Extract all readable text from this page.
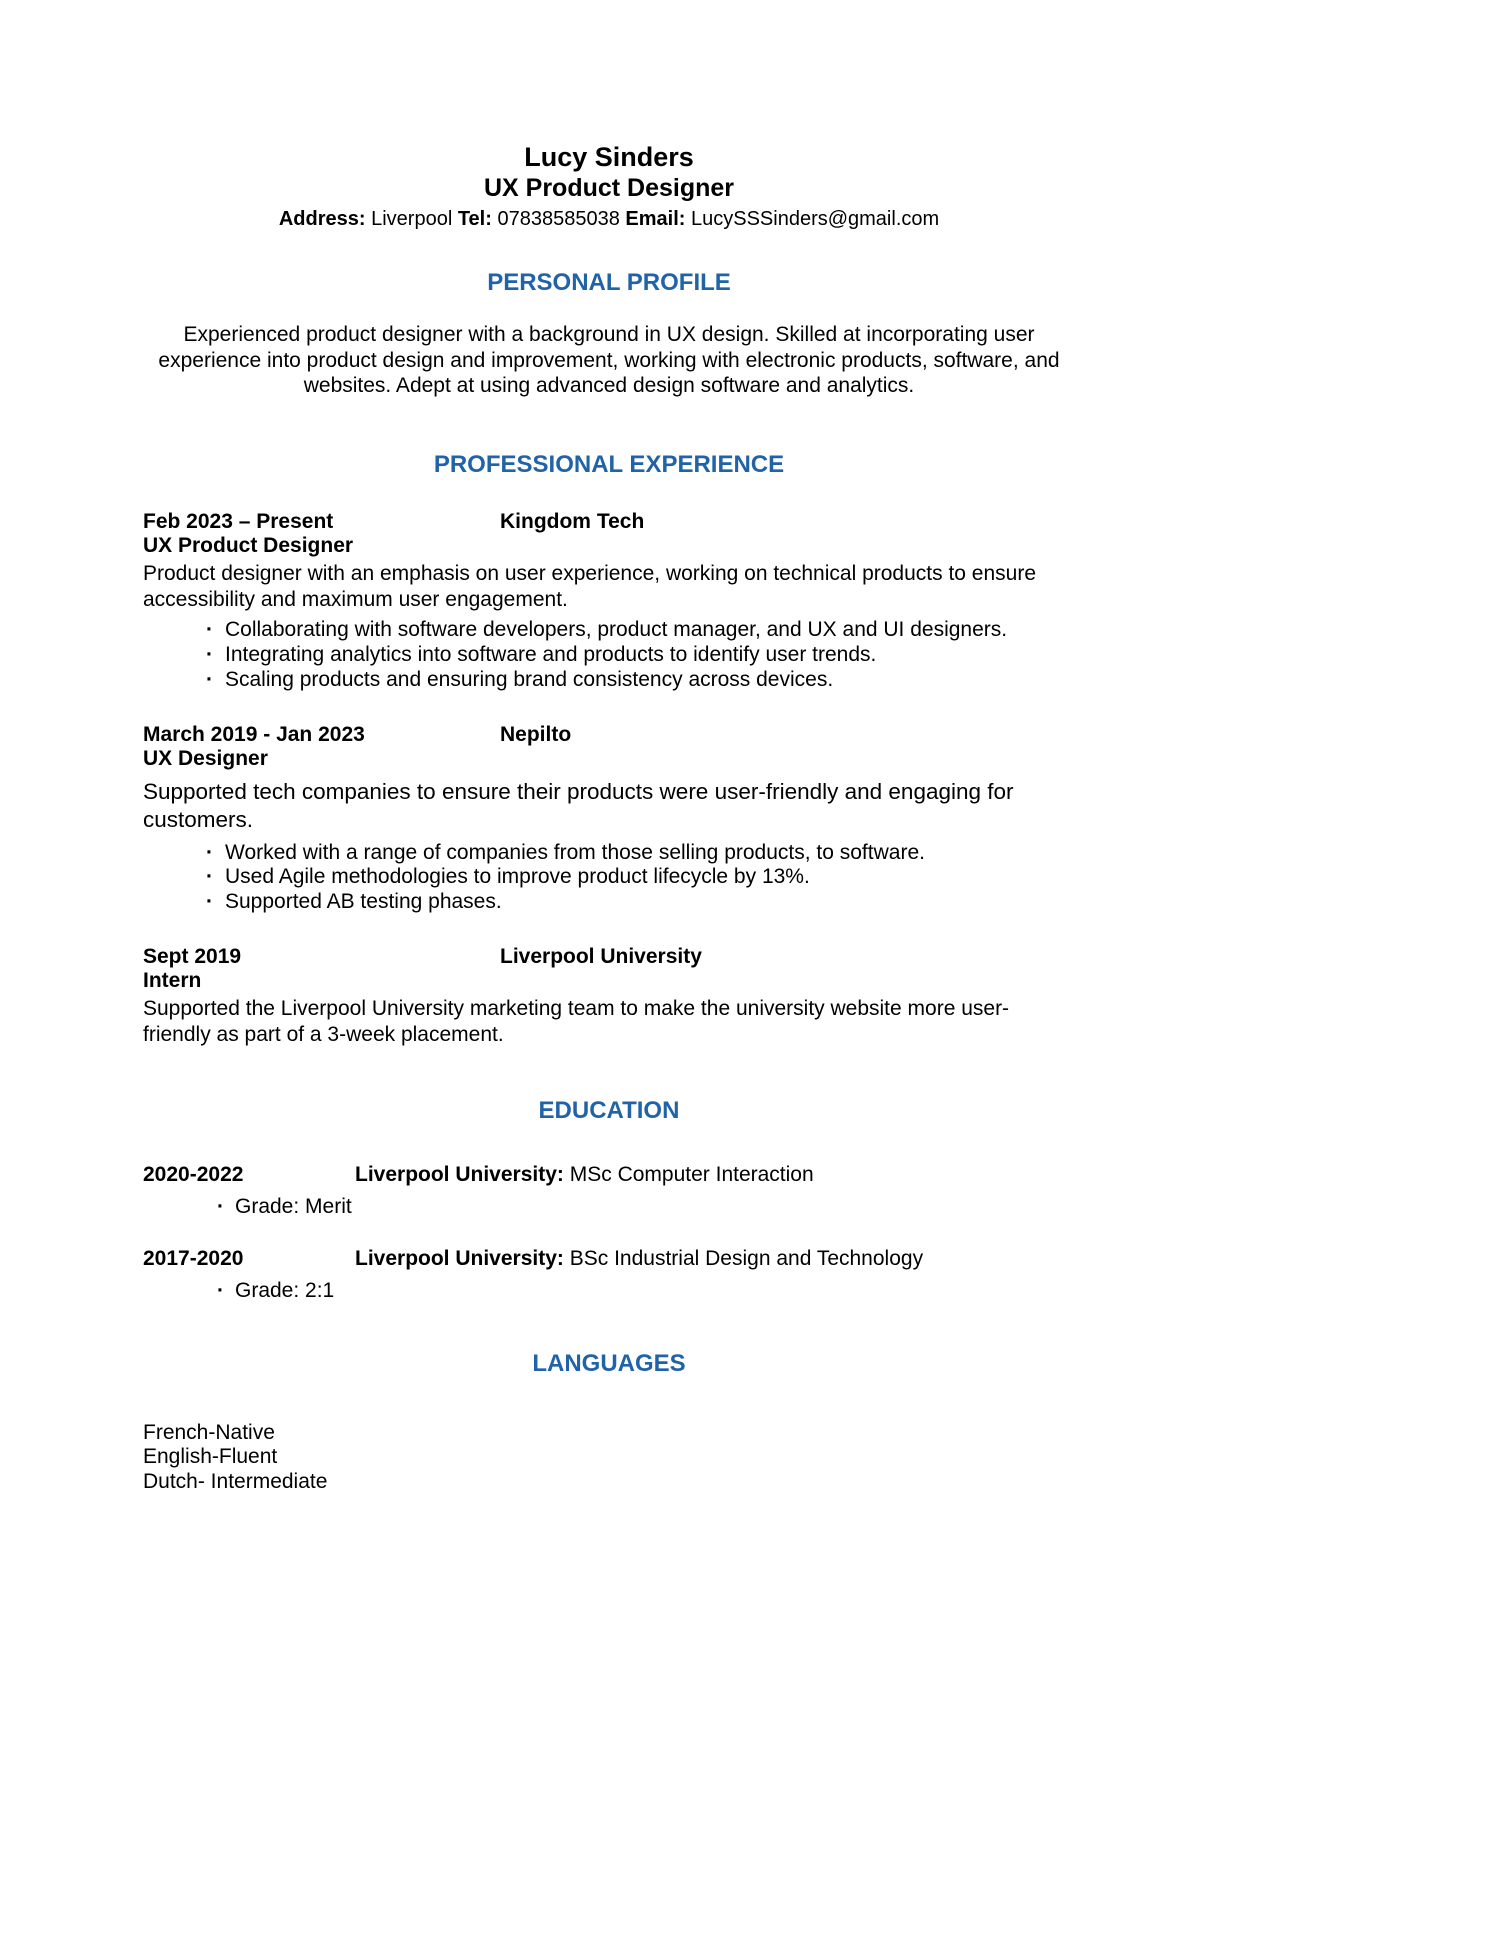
Lucy Sinders
UX Product Designer
Address: Liverpool Tel: 07838585038 Email: LucySSSinders@gmail.com
PERSONAL PROFILE
Experienced product designer with a background in UX design. Skilled at incorporating user experience into product design and improvement, working with electronic products, software, and websites. Adept at using advanced design software and analytics.
PROFESSIONAL EXPERIENCE
Feb 2023 – Present	Kingdom Tech
UX Product Designer
Product designer with an emphasis on user experience, working on technical products to ensure accessibility and maximum user engagement.
· Collaborating with software developers, product manager, and UX and UI designers.
· Integrating analytics into software and products to identify user trends.
· Scaling products and ensuring brand consistency across devices.
March 2019 - Jan 2023	Nepilto
UX Designer
Supported tech companies to ensure their products were user-friendly and engaging for customers.
· Worked with a range of companies from those selling products, to software.
· Used Agile methodologies to improve product lifecycle by 13%.
· Supported AB testing phases.
Sept 2019	Liverpool University
Intern
Supported the Liverpool University marketing team to make the university website more user-friendly as part of a 3-week placement.
EDUCATION
2020-2022	Liverpool University: MSc Computer Interaction
· Grade: Merit
2017-2020	Liverpool University: BSc Industrial Design and Technology
· Grade: 2:1
LANGUAGES
French-Native
English-Fluent
Dutch- Intermediate
